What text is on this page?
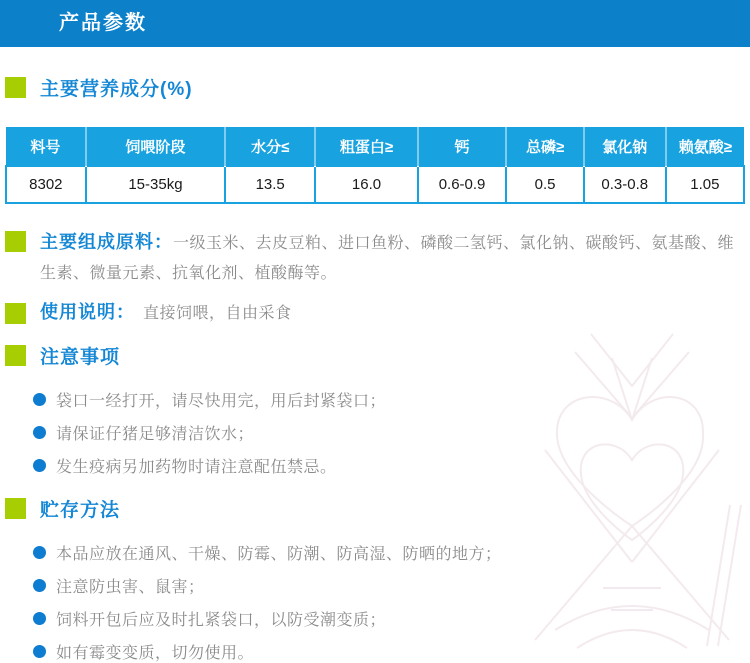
产品参数
主要营养成分(%)
料号	饲喂阶段	水分≤	粗蛋白≥	钙	总磷≥	氯化钠	赖氨酸≥
8302	15-35kg	13.5	16.0	0.6-0.9	0.5	0.3-0.8	1.05
主要组成原料：一级玉米、去皮豆粕、进口鱼粉、磷酸二氢钙、氯化钠、碳酸钙、氨基酸、维生素、微量元素、抗氧化剂、植酸酶等。
使用说明： 直接饲喂，自由采食
注意事项
袋口一经打开，请尽快用完，用后封紧袋口；
请保证仔猪足够清洁饮水；
发生疫病另加药物时请注意配伍禁忌。
贮存方法
本品应放在通风、干燥、防霉、防潮、防高湿、防晒的地方；
注意防虫害、鼠害；
饲料开包后应及时扎紧袋口，以防受潮变质；
如有霉变变质，切勿使用。
